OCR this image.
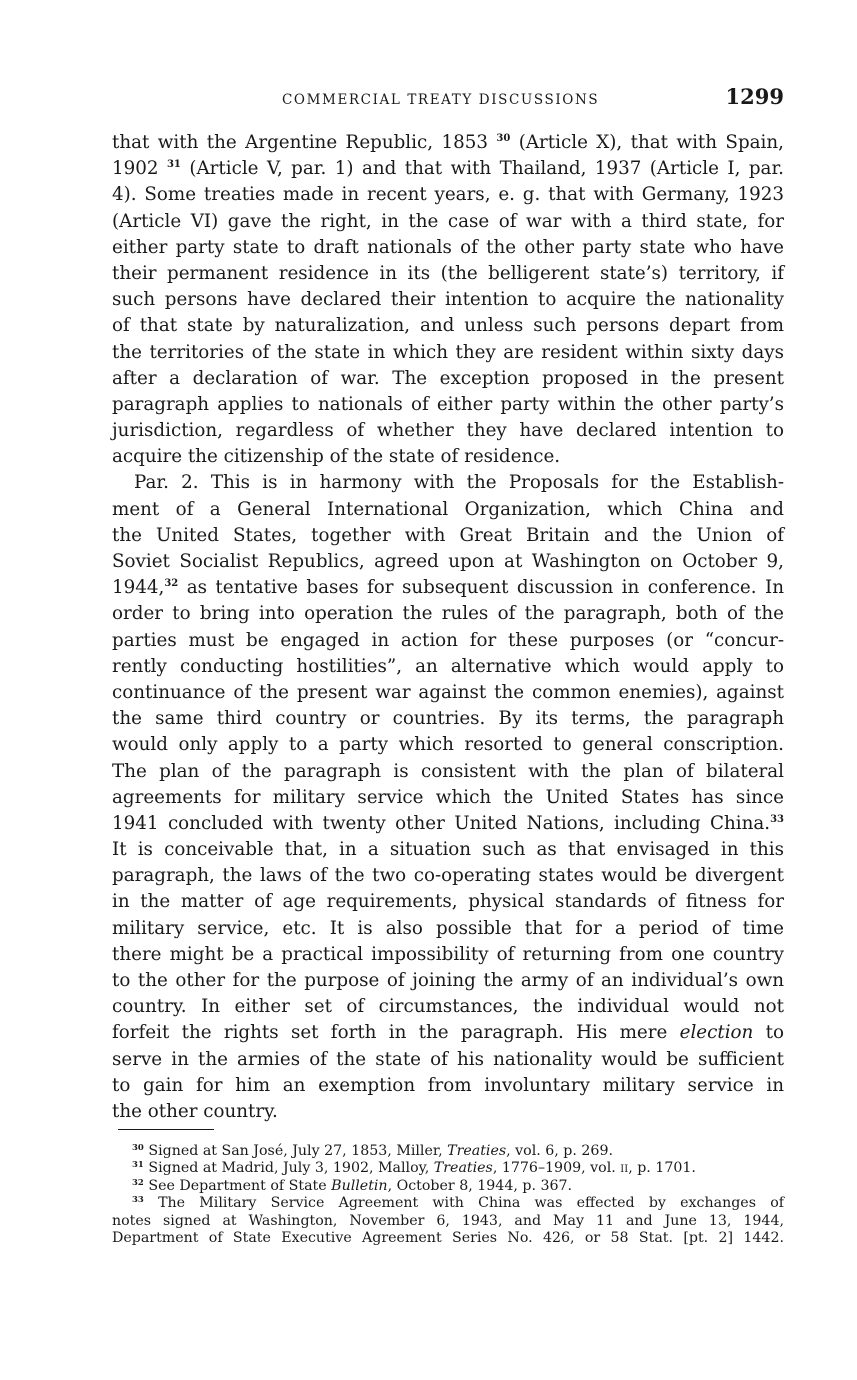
COMMERCIAL TREATY DISCUSSIONS	1299
that with the Argentine Republic, 1853 $^{30}$ (Article X), that with Spain,
1902 $^{31}$ (Article V, par. 1) and that with Thailand, 1937 (Article I, par.
4). Some treaties made in recent years, e. g. that with Germany, 1923
(Article VI) gave the right, in the case of war with a third state, for
either party state to draft nationals of the other party state who have
their permanent residence in its (the belligerent state’s) territory, if
such persons have declared their intention to acquire the nationality
of that state by naturalization, and unless such persons depart from
the territories of the state in which they are resident within sixty days
after a declaration of war. The exception proposed in the present
paragraph applies to nationals of either party within the other party’s
jurisdiction, regardless of whether they have declared intention to
acquire the citizenship of the state of residence.
Par. 2. This is in harmony with the Proposals for the Establish-
ment of a General International Organization, which China and
the United States, together with Great Britain and the Union of
Soviet Socialist Republics, agreed upon at Washington on October 9,
1944,32 as tentative bases for subsequent discussion in conference. In
order to bring into operation the rules of the paragraph, both of the
parties must be engaged in action for these purposes (or “concur-
rently conducting hostilities”, an alternative which would apply to
continuance of the present war against the common enemies), against
the same third country or countries. By its terms, the paragraph
would only apply to a party which resorted to general conscription.
The plan of the paragraph is consistent with the plan of bilateral
agreements for military service which the United States has since
1941 concluded with twenty other United Nations, including China.$^{33}$
It is conceivable that, in a situation such as that envisaged in this
paragraph, the laws of the two co-operating states would be divergent
in the matter of age requirements, physical standards of fitness for
military service, etc. It is also possible that for a period of time
there might be a practical impossibility of returning from one country
to the other for the purpose of joining the army of an individual’s own
country. In either set of circumstances, the individual would not
forfeit the rights set forth in the paragraph. His mere election to
serve in the armies of the state of his nationality would be sufficient
to gain for him an exemption from involuntary military service in
the other country.
$^{30}$ Signed at San José, July 27, 1853, Miller, Treaties, vol. 6, p. 269.
$^{31}$ Signed at Madrid, July 3, 1902, Malloy, Treaties, 1776–1909, vol. ii, p. 1701.
$^{32}$ See Department of State Bulletin, October 8, 1944, p. 367.
$^{33}$ The Military Service Agreement with China was effected by exchanges of
notes signed at Washington, November 6, 1943, and May 11 and June 13, 1944,
Department of State Executive Agreement Series No. 426, or 58 Stat. [pt. 2] 1442.
